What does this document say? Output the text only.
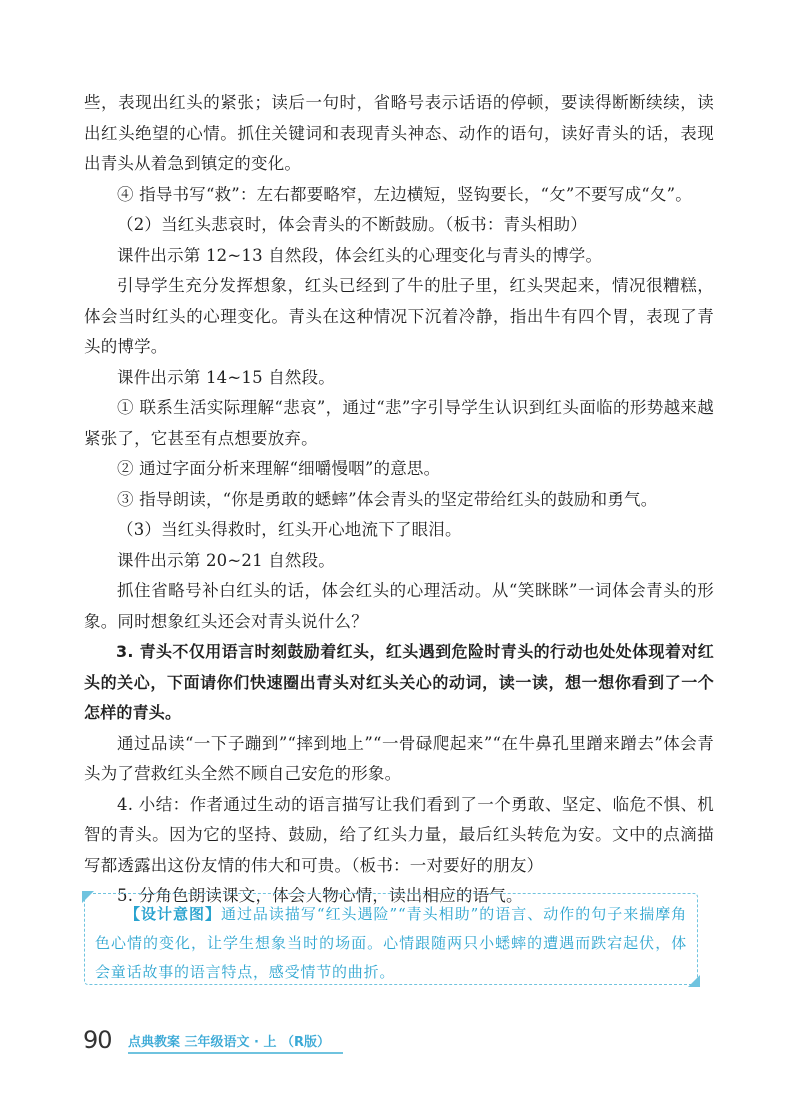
些，表现出红头的紧张；读后一句时，省略号表示话语的停顿，要读得断断续续，读出红头绝望的心情。抓住关键词和表现青头神态、动作的语句，读好青头的话，表现出青头从着急到镇定的变化。

④ 指导书写“救”：左右都要略窄，左边横短，竖钩要长，“攵”不要写成“夂”。

（2）当红头悲哀时，体会青头的不断鼓励。（板书：青头相助）

课件出示第 12~13 自然段，体会红头的心理变化与青头的博学。

引导学生充分发挥想象，红头已经到了牛的肚子里，红头哭起来，情况很糟糕，体会当时红头的心理变化。青头在这种情况下沉着冷静，指出牛有四个胃，表现了青头的博学。

课件出示第 14~15 自然段。

① 联系生活实际理解“悲哀”，通过“悲”字引导学生认识到红头面临的形势越来越紧张了，它甚至有点想要放弃。

② 通过字面分析来理解“细嚼慢咽”的意思。

③ 指导朗读，“你是勇敢的蟋蟀”体会青头的坚定带给红头的鼓励和勇气。

（3）当红头得救时，红头开心地流下了眼泪。

课件出示第 20~21 自然段。

抓住省略号补白红头的话，体会红头的心理活动。从“笑眯眯”一词体会青头的形象。同时想象红头还会对青头说什么？

3. 青头不仅用语言时刻鼓励着红头，红头遇到危险时青头的行动也处处体现着对红头的关心，下面请你们快速圈出青头对红头关心的动词，读一读，想一想你看到了一个怎样的青头。

通过品读“一下子蹦到”“摔到地上”“一骨碌爬起来”“在牛鼻孔里蹭来蹭去”体会青头为了营救红头全然不顾自己安危的形象。

4. 小结：作者通过生动的语言描写让我们看到了一个勇敢、坚定、临危不惧、机智的青头。因为它的坚持、鼓励，给了红头力量，最后红头转危为安。文中的点滴描写都透露出这份友情的伟大和可贵。（板书：一对要好的朋友）

5. 分角色朗读课文，体会人物心情，读出相应的语气。

【设计意图】通过品读描写“红头遇险”“青头相助”的语言、动作的句子来揣摩角色心情的变化，让学生想象当时的场面。心情跟随两只小蟋蟀的遭遇而跌宕起伏，体会童话故事的语言特点，感受情节的曲折。
90 点典教案 三年级语文 · 上 （R版）
